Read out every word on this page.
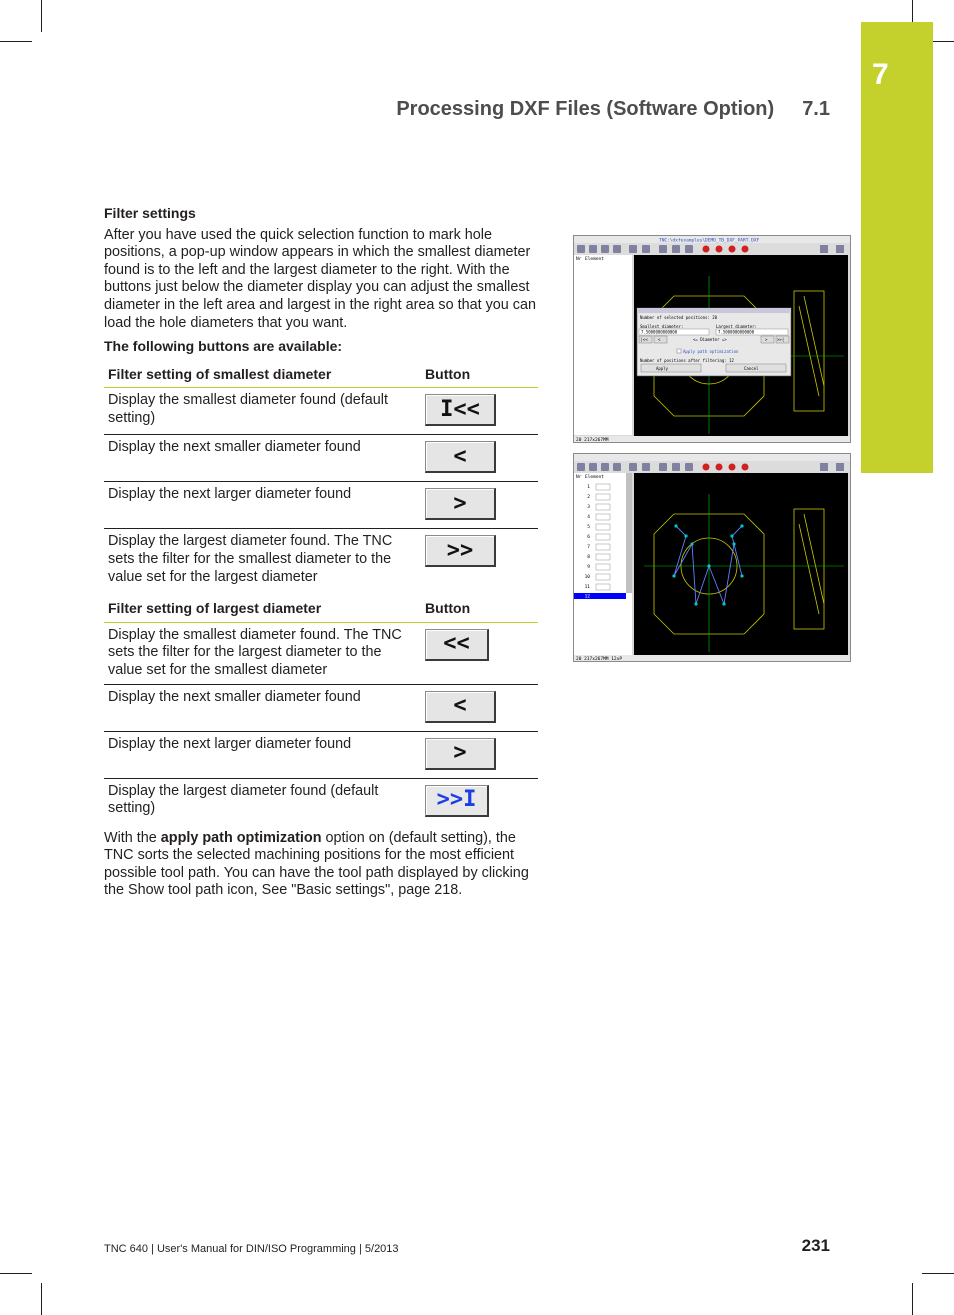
7
Processing DXF Files (Software Option) 7.1

Filter settings

After you have used the quick selection function to mark hole positions, a pop-up window appears in which the smallest diameter found is to the left and the largest diameter to the right. With the buttons just below the diameter display you can adjust the smallest diameter in the left area and largest in the right area so that you can load the hole diameters that you want.

The following buttons are available:

Filter setting of smallest diameter	Button
Display the smallest diameter found (default setting)	I<<
Display the next smaller diameter found	<
Display the next larger diameter found	>
Display the largest diameter found. The TNC sets the filter for the smallest diameter to the value set for the largest diameter	>>
Filter setting of largest diameter	Button
Display the smallest diameter found. The TNC sets the filter for the largest diameter to the value set for the smallest diameter	<<
Display the next smaller diameter found	<
Display the next larger diameter found	>
Display the largest diameter found (default setting)	>>I

With the apply path optimization option on (default setting), the TNC sorts the selected machining positions for the most efficient possible tool path. You can have the tool path displayed by clicking the Show tool path icon, See "Basic settings", page 218.

TNC:\dxfexamples\DEMO_TB_DXF_PART.DXF
Nr Element
Number of selected positions: 20
Smallest diameter:	Largest diameter:
7.5000000000000	7.5000000000000
|<<	<	<= Diameter =>	> >>|
Apply path optimization
Number of positions after filtering: 12
Apply	Cancel
20 217x267MM
Nr Element
1
2
3
4
5
6
7
8
9
10
11
12
20 217x267MM 12xP
TNC 640 | User's Manual for DIN/ISO Programming | 5/2013	231
